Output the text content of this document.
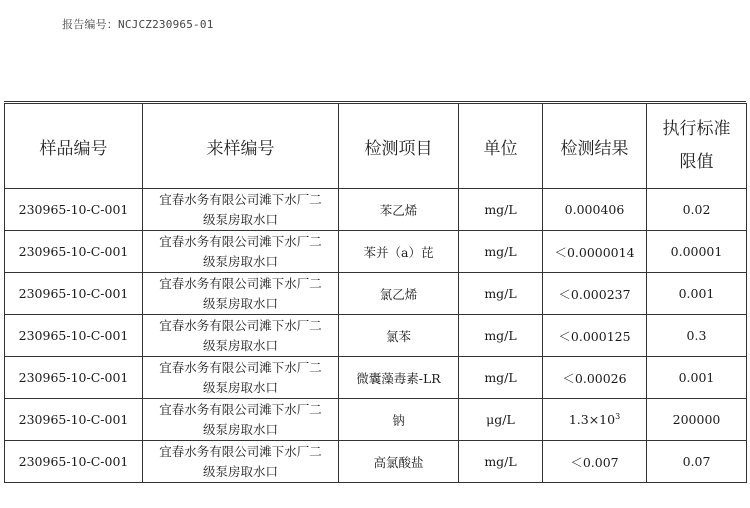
报告编号：NCJCZ230965-01
样品编号	来样编号	检测项目	单位	检测结果	执行标准
限值
230965-10-C-001	宜春水务有限公司滩下水厂二
级泵房取水口	苯乙烯	mg/L	0.000406	0.02
230965-10-C-001	宜春水务有限公司滩下水厂二
级泵房取水口	苯并（a）芘	mg/L	＜0.0000014	0.00001
230965-10-C-001	宜春水务有限公司滩下水厂二
级泵房取水口	氯乙烯	mg/L	＜0.000237	0.001
230965-10-C-001	宜春水务有限公司滩下水厂二
级泵房取水口	氯苯	mg/L	＜0.000125	0.3
230965-10-C-001	宜春水务有限公司滩下水厂二
级泵房取水口	微囊藻毒素-LR	mg/L	＜0.00026	0.001
230965-10-C-001	宜春水务有限公司滩下水厂二
级泵房取水口	钠	μg/L	$1.3\times 10^3$	200000
230965-10-C-001	宜春水务有限公司滩下水厂二
级泵房取水口	高氯酸盐	mg/L	＜0.007	0.07
